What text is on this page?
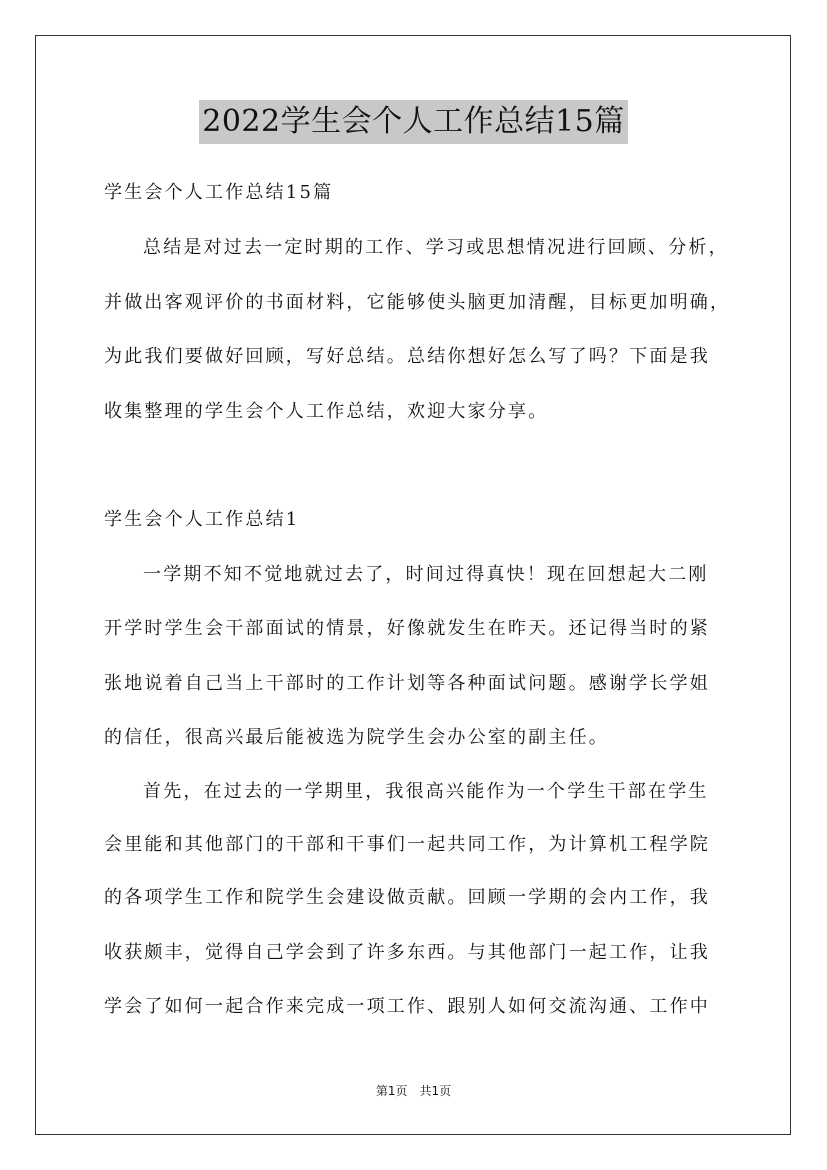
2022学生会个人工作总结15篇
学生会个人工作总结15篇
总结是对过去一定时期的工作、学习或思想情况进行回顾、分析，
并做出客观评价的书面材料，它能够使头脑更加清醒，目标更加明确，
为此我们要做好回顾，写好总结。总结你想好怎么写了吗？下面是我
收集整理的学生会个人工作总结，欢迎大家分享。
学生会个人工作总结1
一学期不知不觉地就过去了，时间过得真快！现在回想起大二刚
开学时学生会干部面试的情景，好像就发生在昨天。还记得当时的紧
张地说着自己当上干部时的工作计划等各种面试问题。感谢学长学姐
的信任，很高兴最后能被选为院学生会办公室的副主任。
首先，在过去的一学期里，我很高兴能作为一个学生干部在学生
会里能和其他部门的干部和干事们一起共同工作，为计算机工程学院
的各项学生工作和院学生会建设做贡献。回顾一学期的会内工作，我
收获颇丰，觉得自己学会到了许多东西。与其他部门一起工作，让我
学会了如何一起合作来完成一项工作、跟别人如何交流沟通、工作中
第1页　共1页
